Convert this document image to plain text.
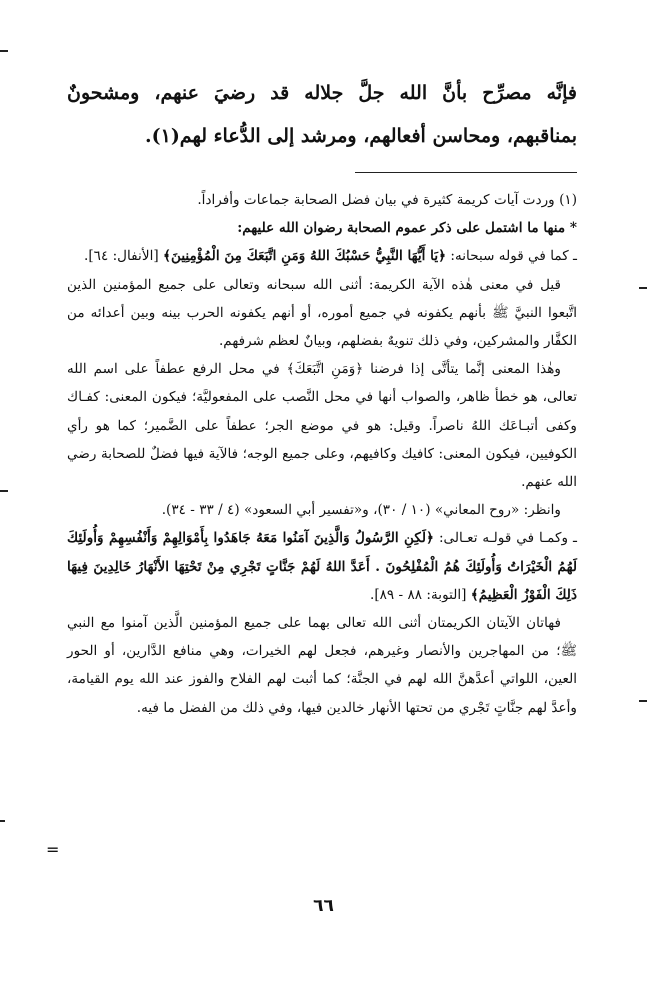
فإنَّه مصرِّح بأنَّ الله جلَّ جلاله قد رضيَ عنهم، ومشحونٌ بمناقبهم، ومحاسن أفعالهم، ومرشد إلى الدُّعاء لهم(١).

(١) وردت آيات كريمة كثيرة في بيان فضل الصحابة جماعات وأفراداً.

* منها ما اشتمل على ذكر عموم الصحابة رضوان الله عليهم:

ـ كما في قوله سبحانه: ﴿يَا أَيُّهَا النَّبِيُّ حَسْبُكَ اللهُ وَمَنِ اتَّبَعَكَ مِنَ الْمُؤْمِنِينَ﴾ [الأنفال: ٦٤].

قيل في معنى هٰذه الآية الكريمة: أثنى الله سبحانه وتعالى على جميع المؤمنين الذين اتَّبعوا النبيَّ ﷺ بأنهم يكفونه في جميع أموره، أو أنهم يكفونه الحرب بينه وبين أعدائه من الكفَّار والمشركين، وفي ذلك تنويهٌ بفضلهم، وبيانٌ لعظم شرفهم.

وهٰذا المعنى إنَّما يتأتَّى إذا فرضنا ﴿وَمَنِ اتَّبَعَكَ﴾ في محل الرفع عطفاً على اسم الله تعالى، هو خطأ ظاهر، والصواب أنها في محل النَّصب على المفعوليَّة؛ فيكون المعنى: كفـاك وكفى أتبـاعَك اللهُ ناصراً. وقيل: هو في موضع الجر؛ عطفاً على الضَّمير؛ كما هو رأي الكوفيين، فيكون المعنى: كافيك وكافيهم، وعلى جميع الوجه؛ فالآية فيها فضلٌ للصحابة رضي الله عنهم.

وانظر: «روح المعاني» (١٠ / ٣٠)، و«تفسير أبي السعود» (٤ / ٣٣ - ٣٤).

ـ وكمـا في قولـه تعـالى: ﴿لَكِنِ الرَّسُولُ وَالَّذِينَ آمَنُوا مَعَهُ جَاهَدُوا بِأَمْوَالِهِمْ وَأَنْفُسِهِمْ وَأُولَئِكَ لَهُمُ الْخَيْرَاتُ وَأُولَئِكَ هُمُ الْمُفْلِحُونَ . أَعَدَّ اللهُ لَهُمْ جَنَّاتٍ تَجْرِي مِنْ تَحْتِهَا الأَنْهَارُ خَالِدِينَ فِيهَا ذَلِكَ الْفَوْزُ الْعَظِيمُ﴾ [التوبة: ٨٨ - ٨٩].

فهاتان الآيتان الكريمتان أثنى الله تعالى بهما على جميع المؤمنين الَّذين آمنوا مع النبي ﷺ؛ من المهاجرين والأنصار وغيرهم، فجعل لهم الخيرات، وهي منافع الدَّارين، أو الحور العين، اللواتي أعدَّهنَّ الله لهم في الجنَّة؛ كما أثبت لهم الفلاح والفوز عند الله يوم القيامة، وأعدَّ لهم جنَّاتٍ تَجْري من تحتها الأنهار خالدين فيها، وفي ذلك من الفضل ما فيه.

=
٦٦
